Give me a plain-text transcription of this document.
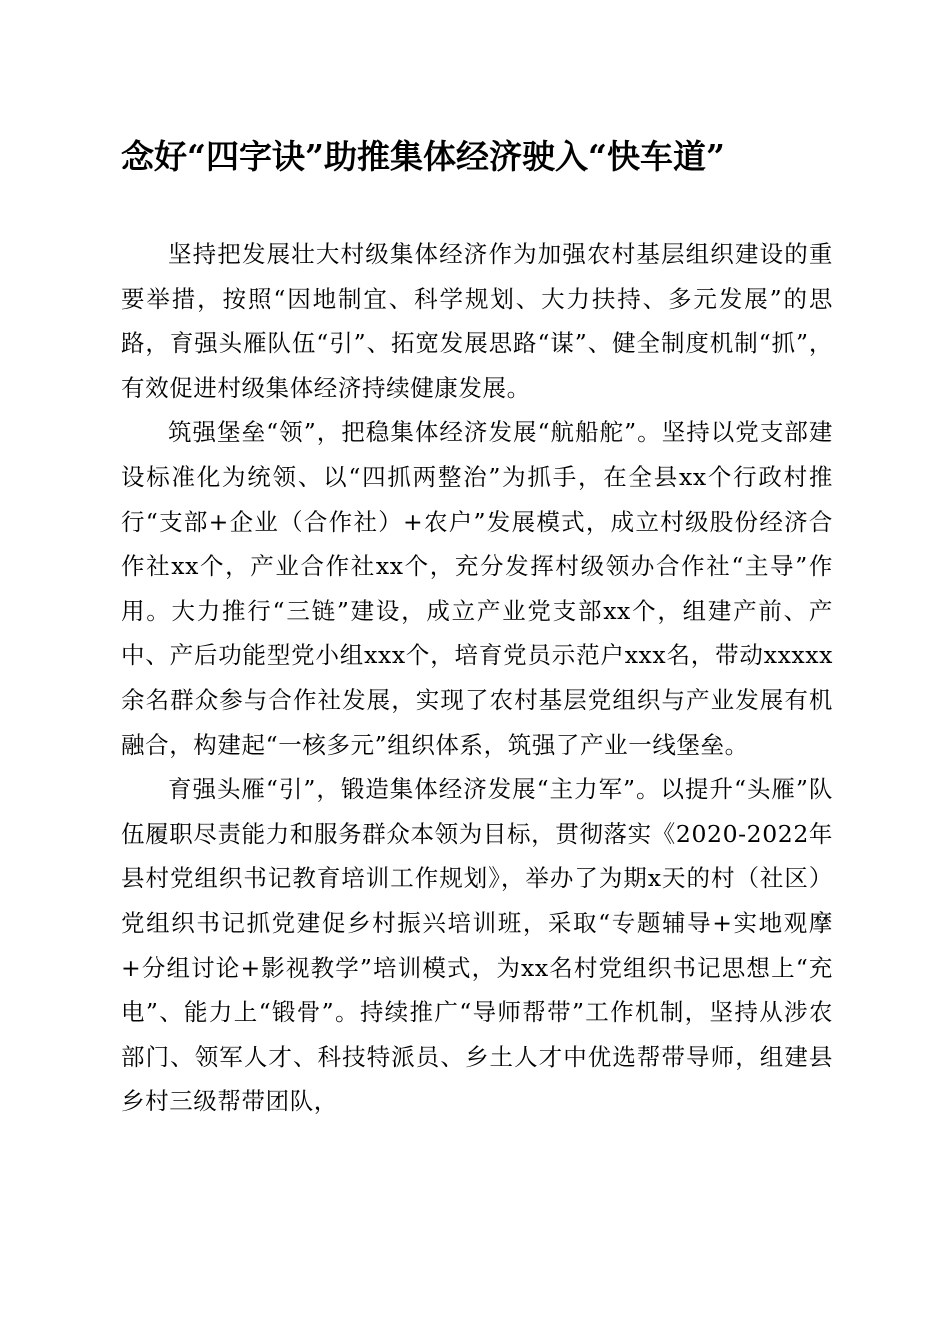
念好“四字诀”助推集体经济驶入“快车道”

坚持把发展壮大村级集体经济作为加强农村基层组织建设的重要举措，按照“因地制宜、科学规划、大力扶持、多元发展”的思路，育强头雁队伍“引”、拓宽发展思路“谋”、健全制度机制“抓”，有效促进村级集体经济持续健康发展。

筑强堡垒“领”，把稳集体经济发展“航船舵”。坚持以党支部建设标准化为统领、以“四抓两整治”为抓手，在全县xx个行政村推行“支部+企业（合作社）+农户”发展模式，成立村级股份经济合作社xx个，产业合作社xx个，充分发挥村级领办合作社“主导”作用。大力推行“三链”建设，成立产业党支部xx个，组建产前、产中、产后功能型党小组xxx个，培育党员示范户xxx名，带动xxxxx余名群众参与合作社发展，实现了农村基层党组织与产业发展有机融合，构建起“一核多元”组织体系，筑强了产业一线堡垒。

育强头雁“引”，锻造集体经济发展“主力军”。以提升“头雁”队伍履职尽责能力和服务群众本领为目标，贯彻落实《2020-2022年县村党组织书记教育培训工作规划》，举办了为期x天的村（社区）党组织书记抓党建促乡村振兴培训班，采取“专题辅导+实地观摩+分组讨论+影视教学”培训模式，为xx名村党组织书记思想上“充电”、能力上“锻骨”。持续推广“导师帮带”工作机制，坚持从涉农部门、领军人才、科技特派员、乡土人才中优选帮带导师，组建县乡村三级帮带团队，
